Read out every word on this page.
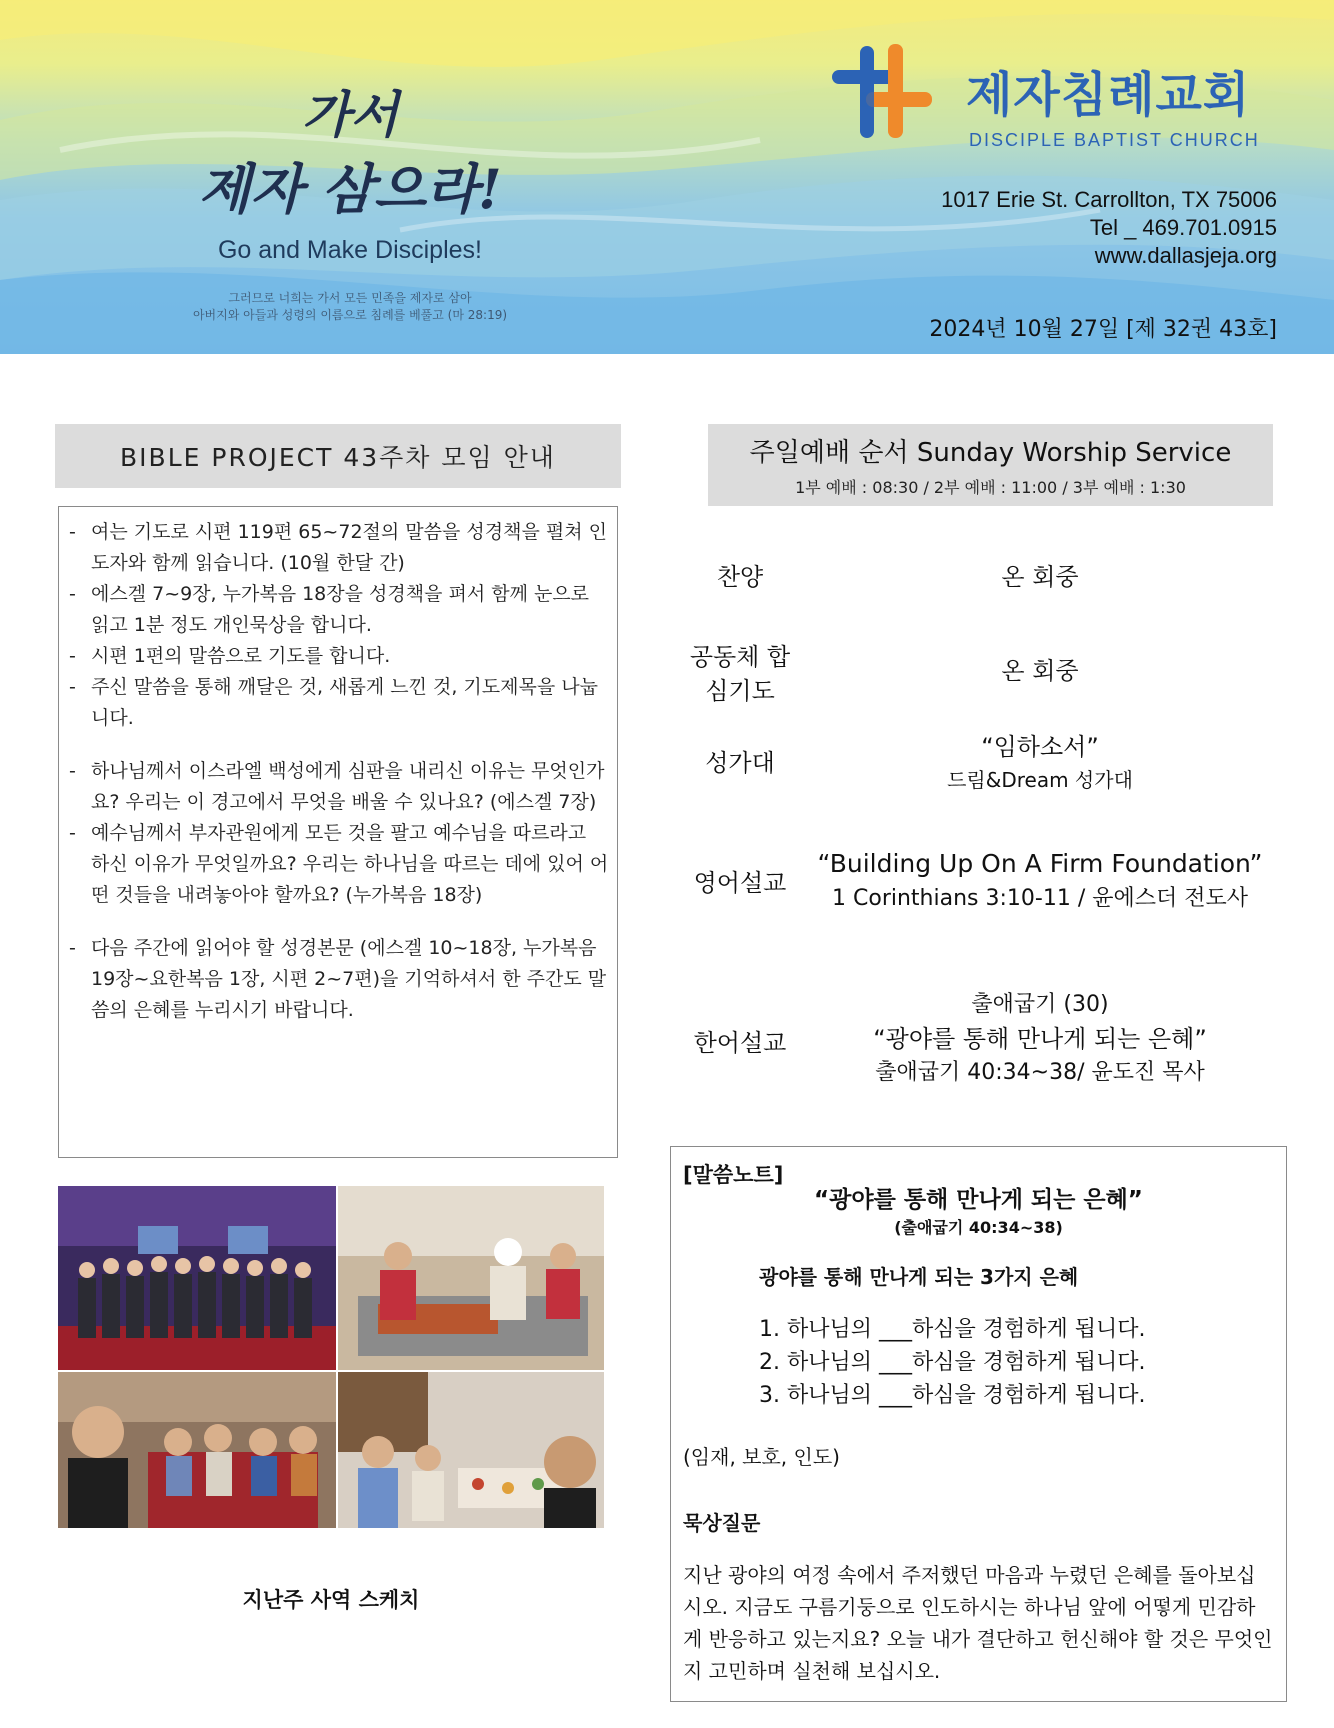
가서
제자 삼으라!
Go and Make Disciples!
그러므로 너희는 가서 모든 민족을 제자로 삼아
아버지와 아들과 성령의 이름으로 침례를 베풀고 (마 28:19)
제자침례교회
DISCIPLE BAPTIST CHURCH
1017 Erie St. Carrollton, TX 75006
Tel _ 469.701.0915
www.dallasjeja.org
2024년 10월 27일 [제 32권 43호]
BIBLE PROJECT 43주차 모임 안내
- 여는 기도로 시편 119편 65~72절의 말씀을 성경책을 펼쳐 인도자와 함께 읽습니다. (10월 한달 간)
- 에스겔 7~9장, 누가복음 18장을 성경책을 펴서 함께 눈으로 읽고 1분 정도 개인묵상을 합니다.
- 시편 1편의 말씀으로 기도를 합니다.
- 주신 말씀을 통해 깨달은 것, 새롭게 느낀 것, 기도제목을 나눕니다.
- 하나님께서 이스라엘 백성에게 심판을 내리신 이유는 무엇인가요? 우리는 이 경고에서 무엇을 배울 수 있나요? (에스겔 7장)
- 예수님께서 부자관원에게 모든 것을 팔고 예수님을 따르라고 하신 이유가 무엇일까요? 우리는 하나님을 따르는 데에 있어 어떤 것들을 내려놓아야 할까요? (누가복음 18장)
- 다음 주간에 읽어야 할 성경본문 (에스겔 10~18장, 누가복음 19장~요한복음 1장, 시편 2~7편)을 기억하셔서 한 주간도 말씀의 은혜를 누리시기 바랍니다.
지난주 사역 스케치
주일예배 순서 Sunday Worship Service
1부 예배 : 08:30 / 2부 예배 : 11:00 / 3부 예배 : 1:30
찬양	온 회중
공동체 합심기도
온 회중
성가대
“임하소서”
드림&Dream 성가대
영어설교
“Building Up On A Firm Foundation”
1 Corinthians 3:10-11 / 윤에스더 전도사
한어설교
출애굽기 (30)
“광야를 통해 만나게 되는 은혜”
출애굽기 40:34~38/ 윤도진 목사
[말씀노트]
“광야를 통해 만나게 되는 은혜”
(출애굽기 40:34~38)
광야를 통해 만나게 되는 3가지 은혜
1. 하나님의 ___하심을 경험하게 됩니다.
2. 하나님의 ___하심을 경험하게 됩니다.
3. 하나님의 ___하심을 경험하게 됩니다.
(임재, 보호, 인도)
묵상질문
지난 광야의 여정 속에서 주저했던 마음과 누렸던 은혜를 돌아보십시오. 지금도 구름기둥으로 인도하시는 하나님 앞에 어떻게 민감하게 반응하고 있는지요? 오늘 내가 결단하고 헌신해야 할 것은 무엇인지 고민하며 실천해 보십시오.
